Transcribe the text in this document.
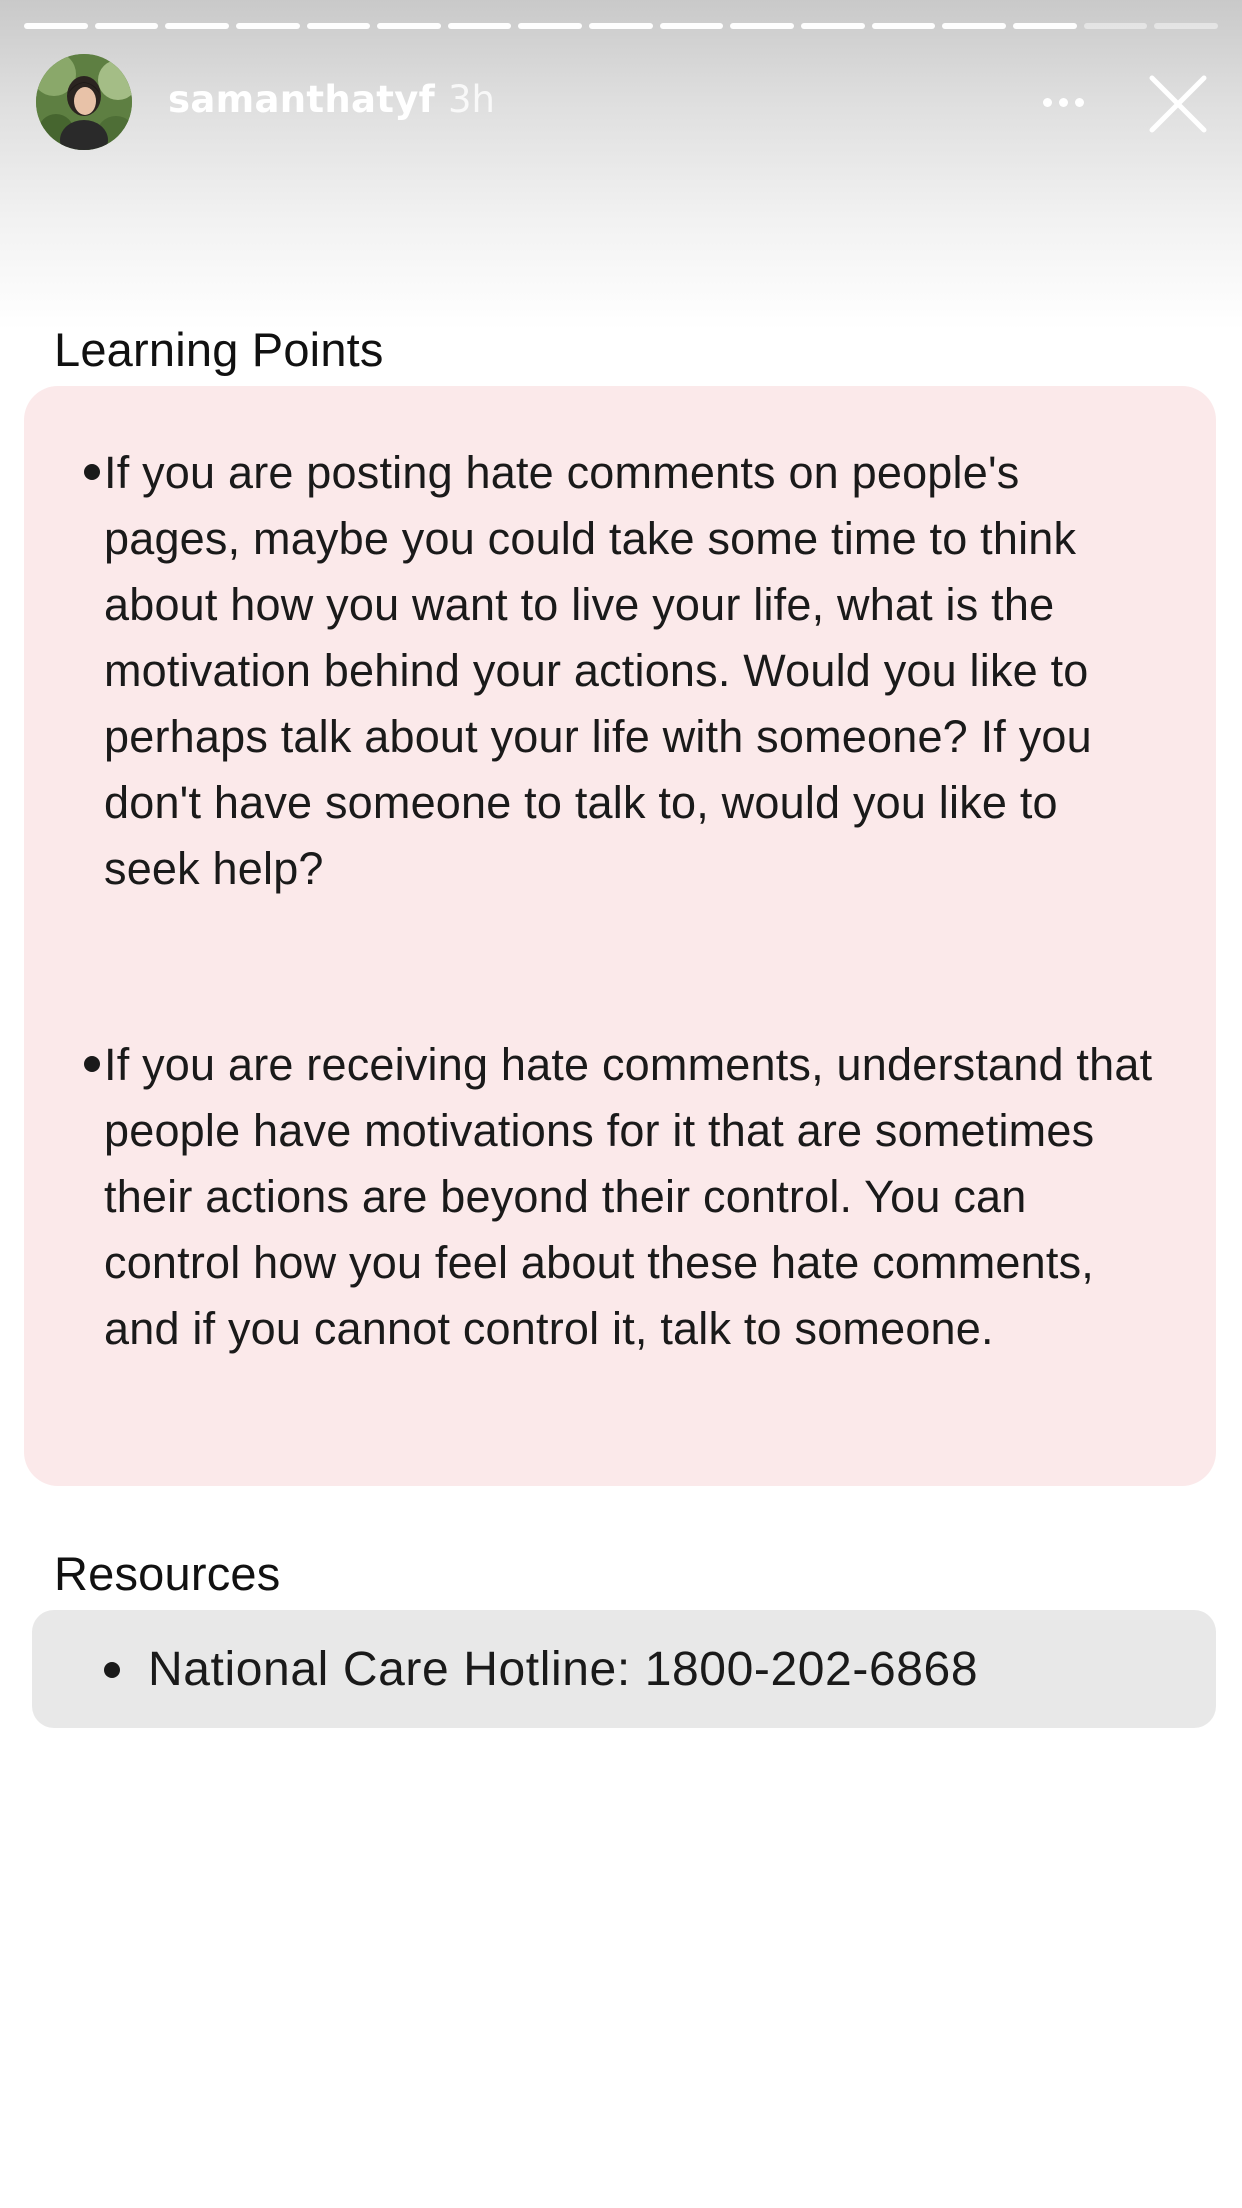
samanthatyf 3h
Learning Points
If you are posting hate comments on people's pages, maybe you could take some time to think about how you want to live your life, what is the motivation behind your actions. Would you like to perhaps talk about your life with someone? If you don't have someone to talk to, would you like to seek help?
If you are receiving hate comments, understand that people have motivations for it that are sometimes their actions are beyond their control. You can control how you feel about these hate comments, and if you cannot control it, talk to someone.
Resources
National Care Hotline: 1800-202-6868
